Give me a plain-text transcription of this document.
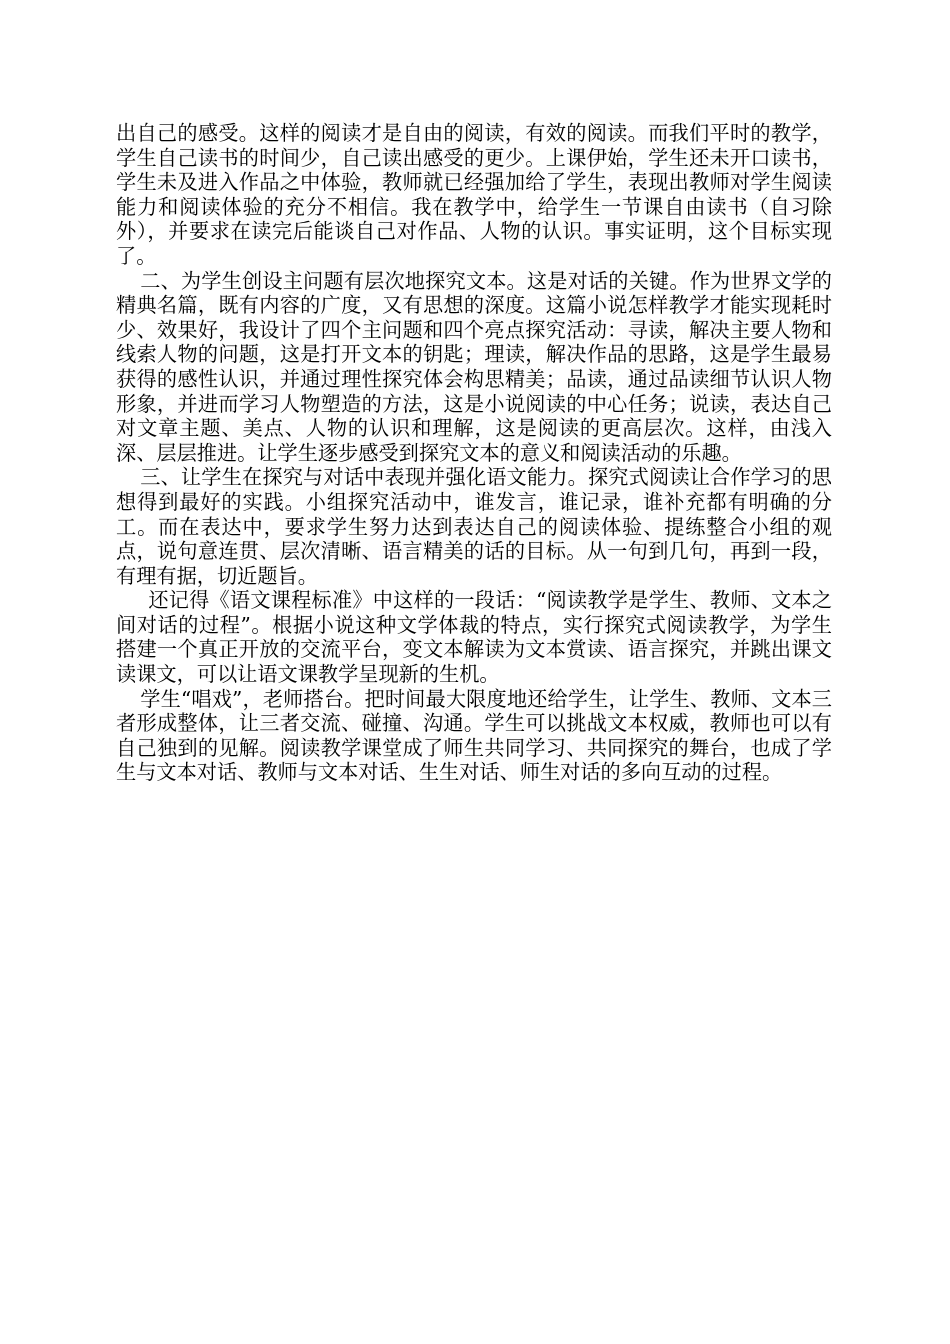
出自己的感受。这样的阅读才是自由的阅读，有效的阅读。而我们平时的教学，学生自己读书的时间少，自己读出感受的更少。上课伊始，学生还未开口读书，学生未及进入作品之中体验，教师就已经强加给了学生，表现出教师对学生阅读能力和阅读体验的充分不相信。我在教学中，给学生一节课自由读书（自习除外），并要求在读完后能谈自己对作品、人物的认识。事实证明，这个目标实现了。

二、为学生创设主问题有层次地探究文本。这是对话的关键。作为世界文学的精典名篇，既有内容的广度，又有思想的深度。这篇小说怎样教学才能实现耗时少、效果好，我设计了四个主问题和四个亮点探究活动：寻读，解决主要人物和线索人物的问题，这是打开文本的钥匙；理读，解决作品的思路，这是学生最易获得的感性认识，并通过理性探究体会构思精美；品读，通过品读细节认识人物形象，并进而学习人物塑造的方法，这是小说阅读的中心任务；说读，表达自己对文章主题、美点、人物的认识和理解，这是阅读的更高层次。这样，由浅入深、层层推进。让学生逐步感受到探究文本的意义和阅读活动的乐趣。

三、让学生在探究与对话中表现并强化语文能力。探究式阅读让合作学习的思想得到最好的实践。小组探究活动中，谁发言，谁记录，谁补充都有明确的分工。而在表达中，要求学生努力达到表达自己的阅读体验、提练整合小组的观点，说句意连贯、层次清晰、语言精美的话的目标。从一句到几句，再到一段，有理有据，切近题旨。

还记得《语文课程标准》中这样的一段话：“阅读教学是学生、教师、文本之间对话的过程”。根据小说这种文学体裁的特点，实行探究式阅读教学，为学生搭建一个真正开放的交流平台，变文本解读为文本赏读、语言探究，并跳出课文读课文，可以让语文课教学呈现新的生机。

学生“唱戏”，老师搭台。把时间最大限度地还给学生，让学生、教师、文本三者形成整体，让三者交流、碰撞、沟通。学生可以挑战文本权威，教师也可以有自己独到的见解。阅读教学课堂成了师生共同学习、共同探究的舞台，也成了学生与文本对话、教师与文本对话、生生对话、师生对话的多向互动的过程。
